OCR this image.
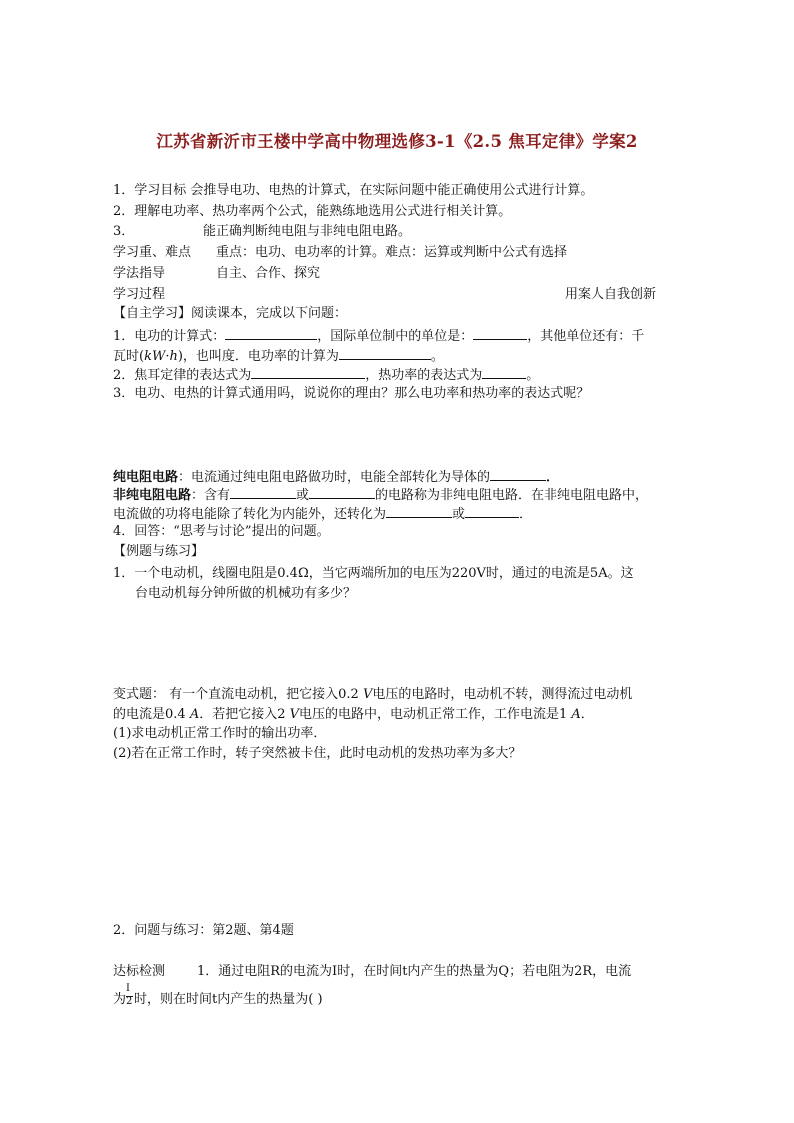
江苏省新沂市王楼中学高中物理选修3-1《2.5 焦耳定律》学案2
1．学习目标 会推导电功、电热的计算式，在实际问题中能正确使用公式进行计算。
2．理解电功率、热功率两个公式，能熟练地选用公式进行相关计算。
3．	能正确判断纯电阻与非纯电阻电路。
学习重、难点 重点：电功、电功率的计算。难点：运算或判断中公式有选择
学法指导	自主、合作、探究
学习过程	用案人自我创新
【自主学习】阅读课本，完成以下问题：
1．电功的计算式：	，国际单位制中的单位是：	，其他单位还有：千
瓦时(kW·h)，也叫度．电功率的计算为	。
2．焦耳定律的表达式为	，热功率的表达式为	。
3．电功、电热的计算式通用吗，说说你的理由？那么电功率和热功率的表达式呢？
纯电阻电路：电流通过纯电阻电路做功时，电能全部转化为导体的	．
非纯电阻电路：含有	或	的电路称为非纯电阻电路．在非纯电阻电路中，
电流做的功将电能除了转化为内能外，还转化为	或	．
4．回答：“思考与讨论”提出的问题。
【例题与练习】
1．一个电动机，线圈电阻是0.4Ω，当它两端所加的电压为220V时，通过的电流是5A。这
台电动机每分钟所做的机械功有多少？
变式题： 有一个直流电动机，把它接入0.2 V电压的电路时，电动机不转，测得流过电动机
的电流是0.4 A．若把它接入2 V电压的电路中，电动机正常工作，工作电流是1 A．
(1)求电动机正常工作时的输出功率．
(2)若在正常工作时，转子突然被卡住，此时电动机的发热功率为多大？
2．问题与练习：第2题、第4题
达标检测 1．通过电阻R的电流为I时，在时间t内产生的热量为Q；若电阻为2R，电流
为 $\frac{I}{2}$ 时，则在时间t内产生的热量为( )
